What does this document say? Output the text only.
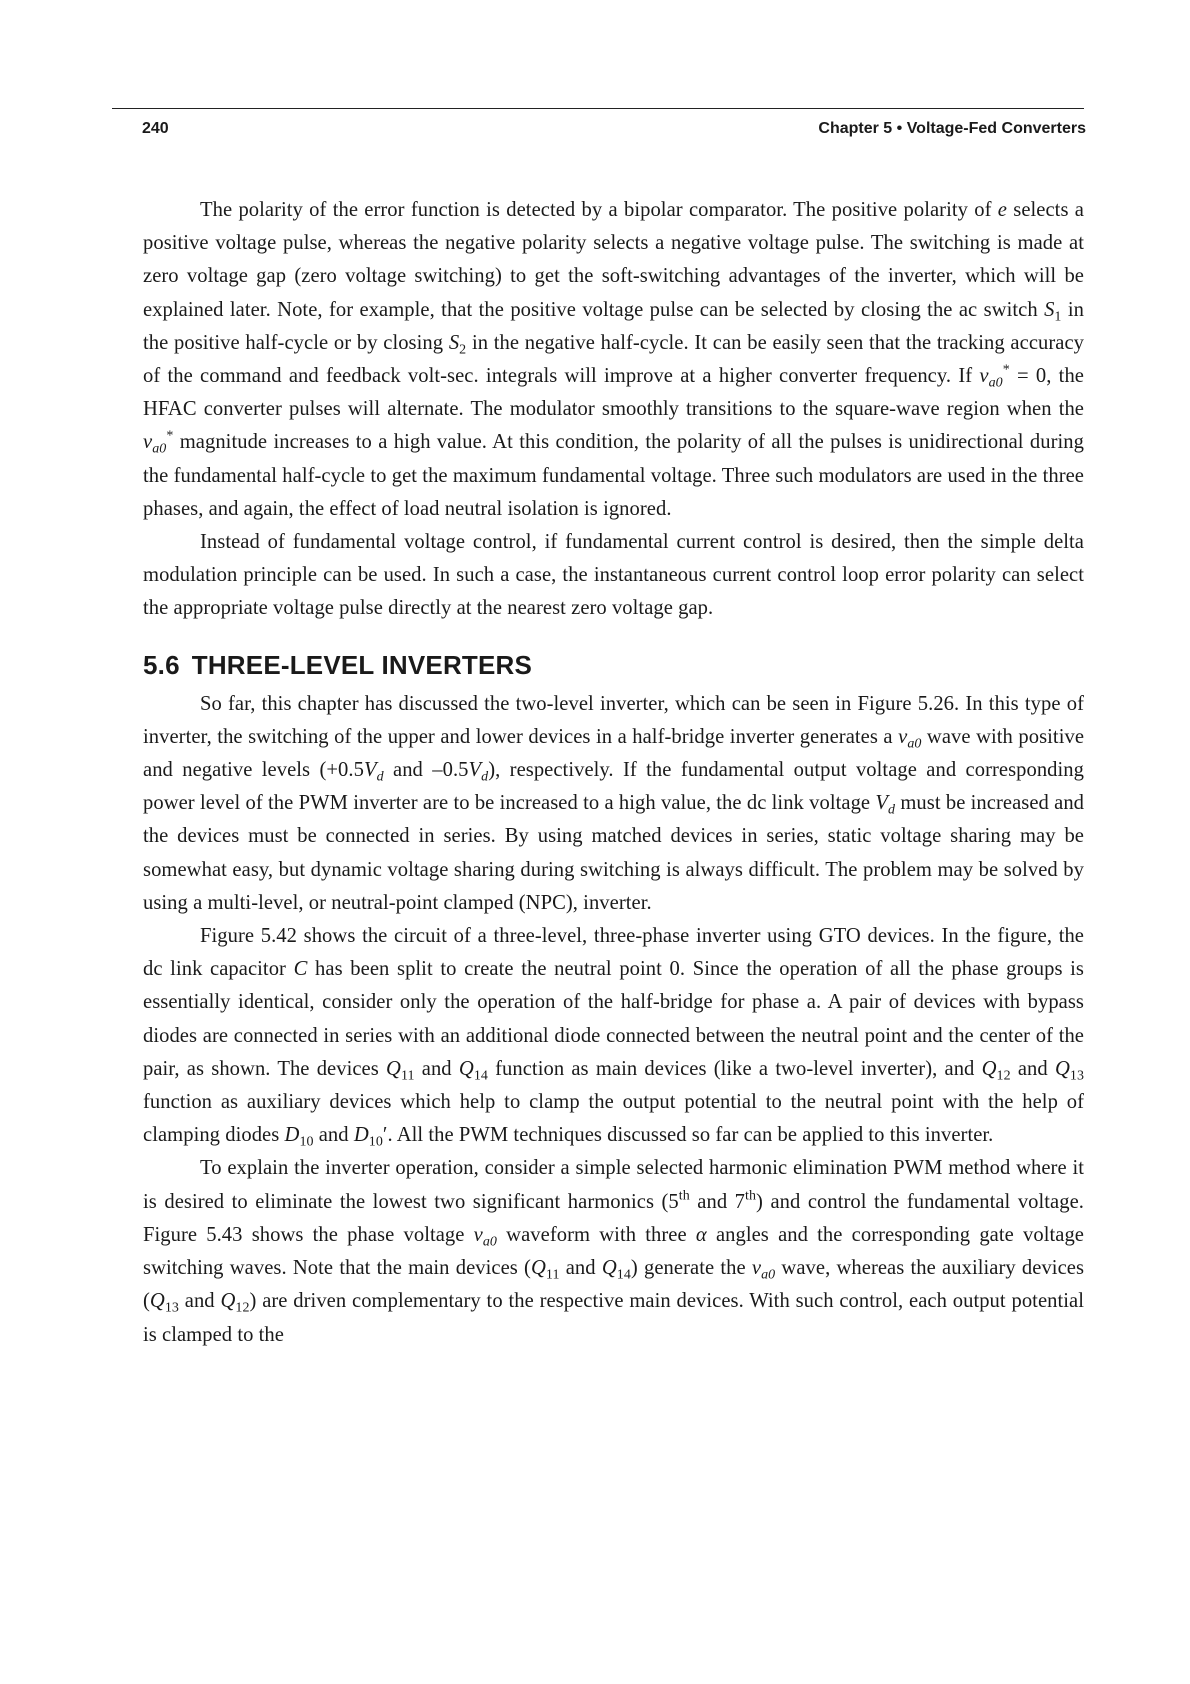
240	Chapter 5 • Voltage-Fed Converters

The polarity of the error function is detected by a bipolar comparator. The positive polarity of e selects a positive voltage pulse, whereas the negative polarity selects a negative voltage pulse. The switching is made at zero voltage gap (zero voltage switching) to get the soft-switching advantages of the inverter, which will be explained later. Note, for example, that the positive voltage pulse can be selected by closing the ac switch $S_1$ in the positive half-cycle or by closing $S_2$ in the negative half-cycle. It can be easily seen that the tracking accuracy of the command and feedback volt-sec. integrals will improve at a higher converter frequency. If $v_{a0}^* = 0$, the HFAC converter pulses will alternate. The modulator smoothly transitions to the square-wave region when the $v_{a0}^*$ magnitude increases to a high value. At this condition, the polarity of all the pulses is unidirectional during the fundamental half-cycle to get the maximum fundamental voltage. Three such modulators are used in the three phases, and again, the effect of load neutral isolation is ignored.

Instead of fundamental voltage control, if fundamental current control is desired, then the simple delta modulation principle can be used. In such a case, the instantaneous current control loop error polarity can select the appropriate voltage pulse directly at the nearest zero voltage gap.

5.6 THREE-LEVEL INVERTERS

So far, this chapter has discussed the two-level inverter, which can be seen in Figure 5.26. In this type of inverter, the switching of the upper and lower devices in a half-bridge inverter generates a $v_{a0}$ wave with positive and negative levels ($+0.5V_d$ and $-0.5V_d$), respectively. If the fundamental output voltage and corresponding power level of the PWM inverter are to be increased to a high value, the dc link voltage $V_d$ must be increased and the devices must be connected in series. By using matched devices in series, static voltage sharing may be somewhat easy, but dynamic voltage sharing during switching is always difficult. The problem may be solved by using a multi-level, or neutral-point clamped (NPC), inverter.

Figure 5.42 shows the circuit of a three-level, three-phase inverter using GTO devices. In the figure, the dc link capacitor C has been split to create the neutral point 0. Since the operation of all the phase groups is essentially identical, consider only the operation of the half-bridge for phase a. A pair of devices with bypass diodes are connected in series with an additional diode connected between the neutral point and the center of the pair, as shown. The devices $Q_{11}$ and $Q_{14}$ function as main devices (like a two-level inverter), and $Q_{12}$ and $Q_{13}$ function as auxiliary devices which help to clamp the output potential to the neutral point with the help of clamping diodes $D_{10}$ and $D_{10}'$. All the PWM techniques discussed so far can be applied to this inverter.

To explain the inverter operation, consider a simple selected harmonic elimination PWM method where it is desired to eliminate the lowest two significant harmonics (5th and 7th) and control the fundamental voltage. Figure 5.43 shows the phase voltage $v_{a0}$ waveform with three α angles and the corresponding gate voltage switching waves. Note that the main devices ($Q_{11}$ and $Q_{14}$) generate the $v_{a0}$ wave, whereas the auxiliary devices ($Q_{13}$ and $Q_{12}$) are driven complementary to the respective main devices. With such control, each output potential is clamped to the
